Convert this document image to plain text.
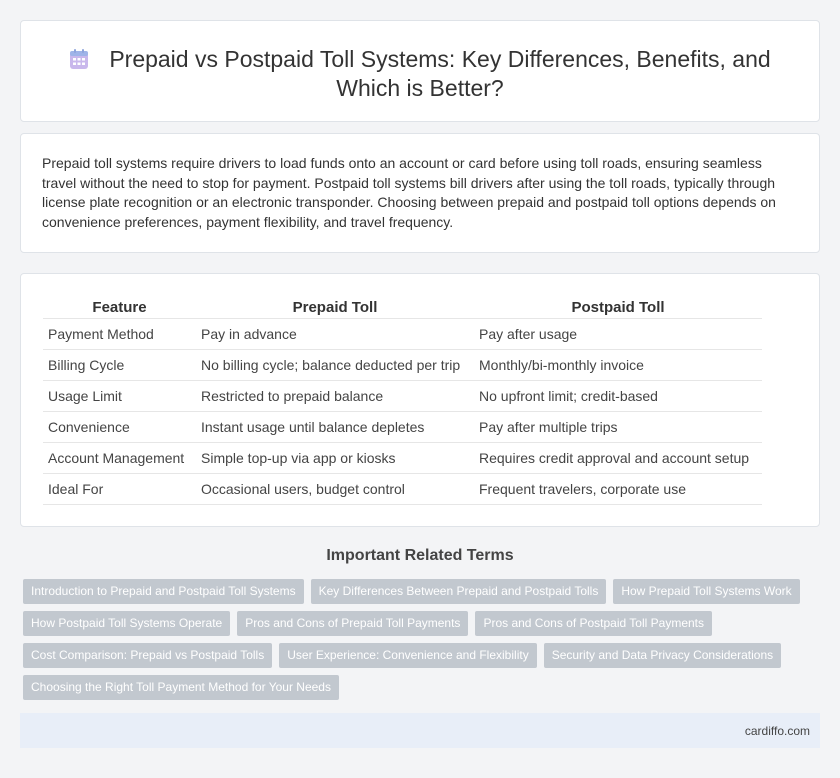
Prepaid vs Postpaid Toll Systems: Key Differences, Benefits, and Which is Better?

Prepaid toll systems require drivers to load funds onto an account or card before using toll roads, ensuring seamless travel without the need to stop for payment. Postpaid toll systems bill drivers after using the toll roads, typically through license plate recognition or an electronic transponder. Choosing between prepaid and postpaid toll options depends on convenience preferences, payment flexibility, and travel frequency.

Feature	Prepaid Toll	Postpaid Toll
Payment Method	Pay in advance	Pay after usage
Billing Cycle	No billing cycle; balance deducted per trip	Monthly/bi-monthly invoice
Usage Limit	Restricted to prepaid balance	No upfront limit; credit-based
Convenience	Instant usage until balance depletes	Pay after multiple trips
Account Management	Simple top-up via app or kiosks	Requires credit approval and account setup
Ideal For	Occasional users, budget control	Frequent travelers, corporate use
Important Related Terms
Introduction to Prepaid and Postpaid Toll Systems Key Differences Between Prepaid and Postpaid Tolls How Prepaid Toll Systems Work
How Postpaid Toll Systems Operate Pros and Cons of Prepaid Toll Payments Pros and Cons of Postpaid Toll Payments
Cost Comparison: Prepaid vs Postpaid Tolls User Experience: Convenience and Flexibility Security and Data Privacy Considerations
Choosing the Right Toll Payment Method for Your Needs
cardiffo.com
